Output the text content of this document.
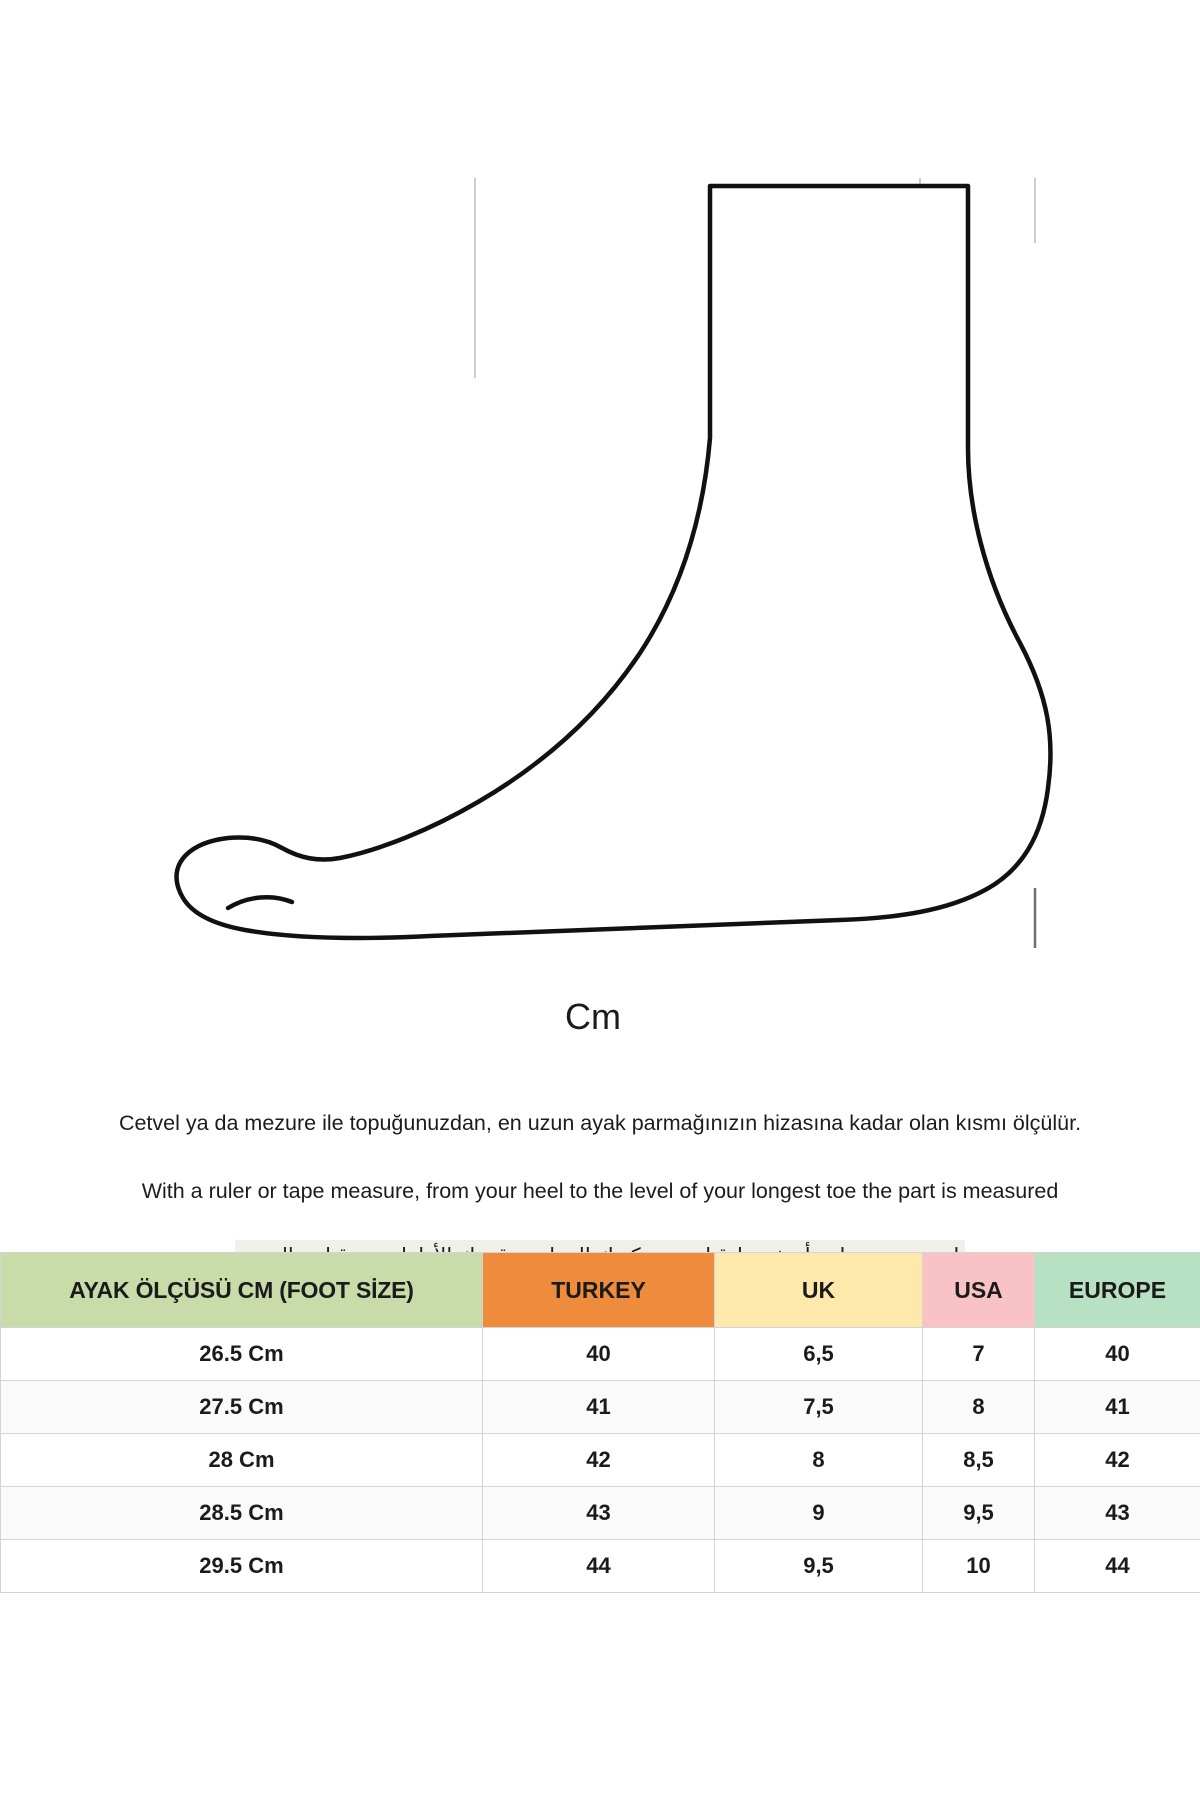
Cm
Cetvel ya da mezure ile topuğunuzdan, en uzun ayak parmağınızın hizasına kadar olan kısmı ölçülür.
With a ruler or tape measure, from your heel to the level of your longest toe the part is measured
AYAK ÖLÇÜSÜ CM (FOOT SİZE)	TURKEY	UK	USA	EUROPE
26.5 Cm	40	6,5	7	40
27.5 Cm	41	7,5	8	41
28 Cm	42	8	8,5	42
28.5 Cm	43	9	9,5	43
29.5 Cm	44	9,5	10	44
